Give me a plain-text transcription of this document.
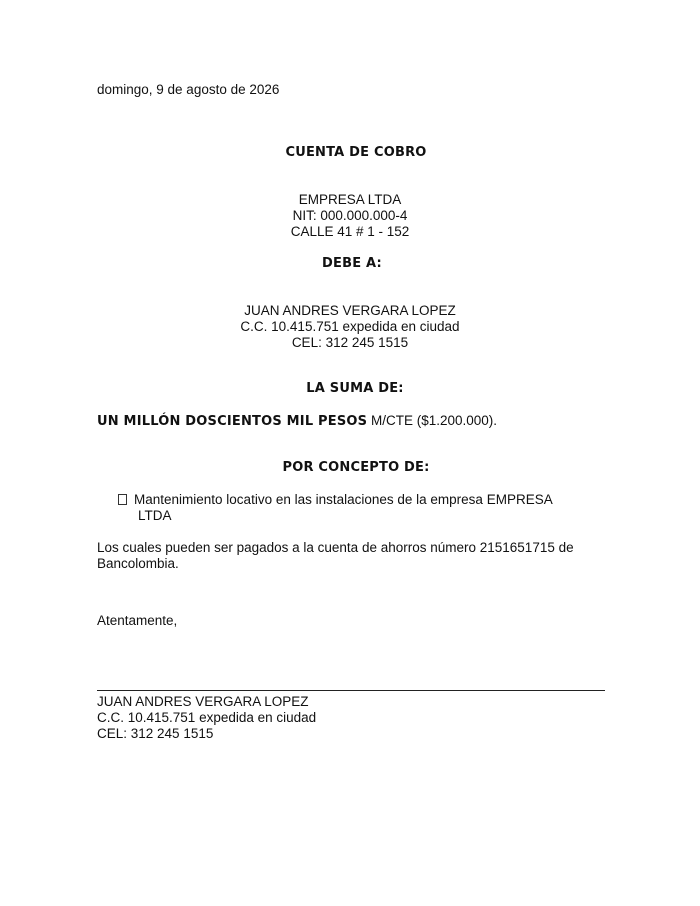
domingo, 9 de agosto de 2026
CUENTA DE COBRO
EMPRESA LTDA
NIT: 000.000.000-4
CALLE 41 # 1 - 152
DEBE A:
JUAN ANDRES VERGARA LOPEZ
C.C. 10.415.751 expedida en ciudad
CEL: 312 245 1515
LA SUMA DE:
UN MILLÓN DOSCIENTOS MIL PESOS M/CTE ($1.200.000).
POR CONCEPTO DE:
Mantenimiento locativo en las instalaciones de la empresa EMPRESA
LTDA
Los cuales pueden ser pagados a la cuenta de ahorros número 2151651715 de
Bancolombia.
Atentamente,
JUAN ANDRES VERGARA LOPEZ
C.C. 10.415.751 expedida en ciudad
CEL: 312 245 1515
